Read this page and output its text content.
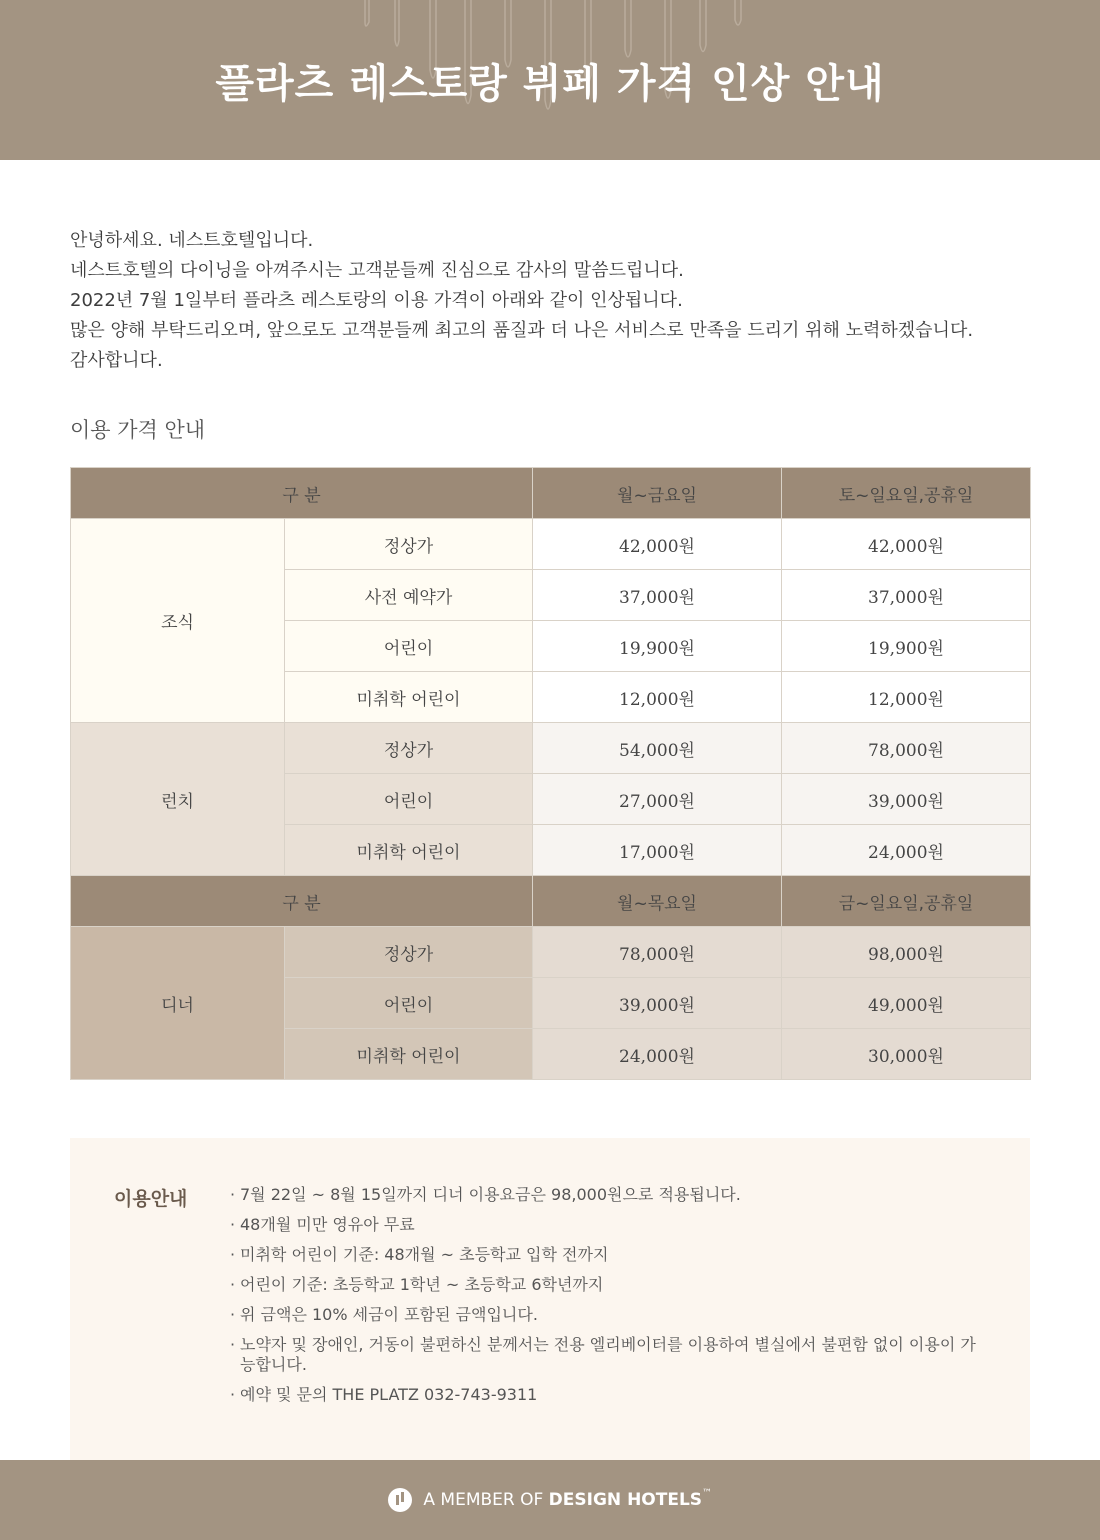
플라츠 레스토랑 뷔페 가격 인상 안내

안녕하세요. 네스트호텔입니다.

네스트호텔의 다이닝을 아껴주시는 고객분들께 진심으로 감사의 말씀드립니다.

2022년 7월 1일부터 플라츠 레스토랑의 이용 가격이 아래와 같이 인상됩니다.

많은 양해 부탁드리오며, 앞으로도 고객분들께 최고의 품질과 더 나은 서비스로 만족을 드리기 위해 노력하겠습니다.

감사합니다.

이용 가격 안내
구 분		월~금요일	토~일요일,공휴일
조식	정상가	42,000원	42,000원
	사전 예약가	37,000원	37,000원
	어린이	19,900원	19,900원
	미취학 어린이	12,000원	12,000원
런치	정상가	54,000원	78,000원
	어린이	27,000원	39,000원
	미취학 어린이	17,000원	24,000원
구 분		월~목요일	금~일요일,공휴일
디너	정상가	78,000원	98,000원
	어린이	39,000원	49,000원
	미취학 어린이	24,000원	30,000원
이용안내	· 7월 22일 ~ 8월 15일까지 디너 이용요금은 98,000원으로 적용됩니다.
· 48개월 미만 영유아 무료
· 미취학 어린이 기준: 48개월 ~ 초등학교 입학 전까지
· 어린이 기준: 초등학교 1학년 ~ 초등학교 6학년까지
· 위 금액은 10% 세금이 포함된 금액입니다.
· 노약자 및 장애인, 거동이 불편하신 분께서는 전용 엘리베이터를 이용하여 별실에서 불편함 없이 이용이 가능합니다.
· 예약 및 문의 THE PLATZ 032-743-9311
A MEMBER OF DESIGN HOTELS™
